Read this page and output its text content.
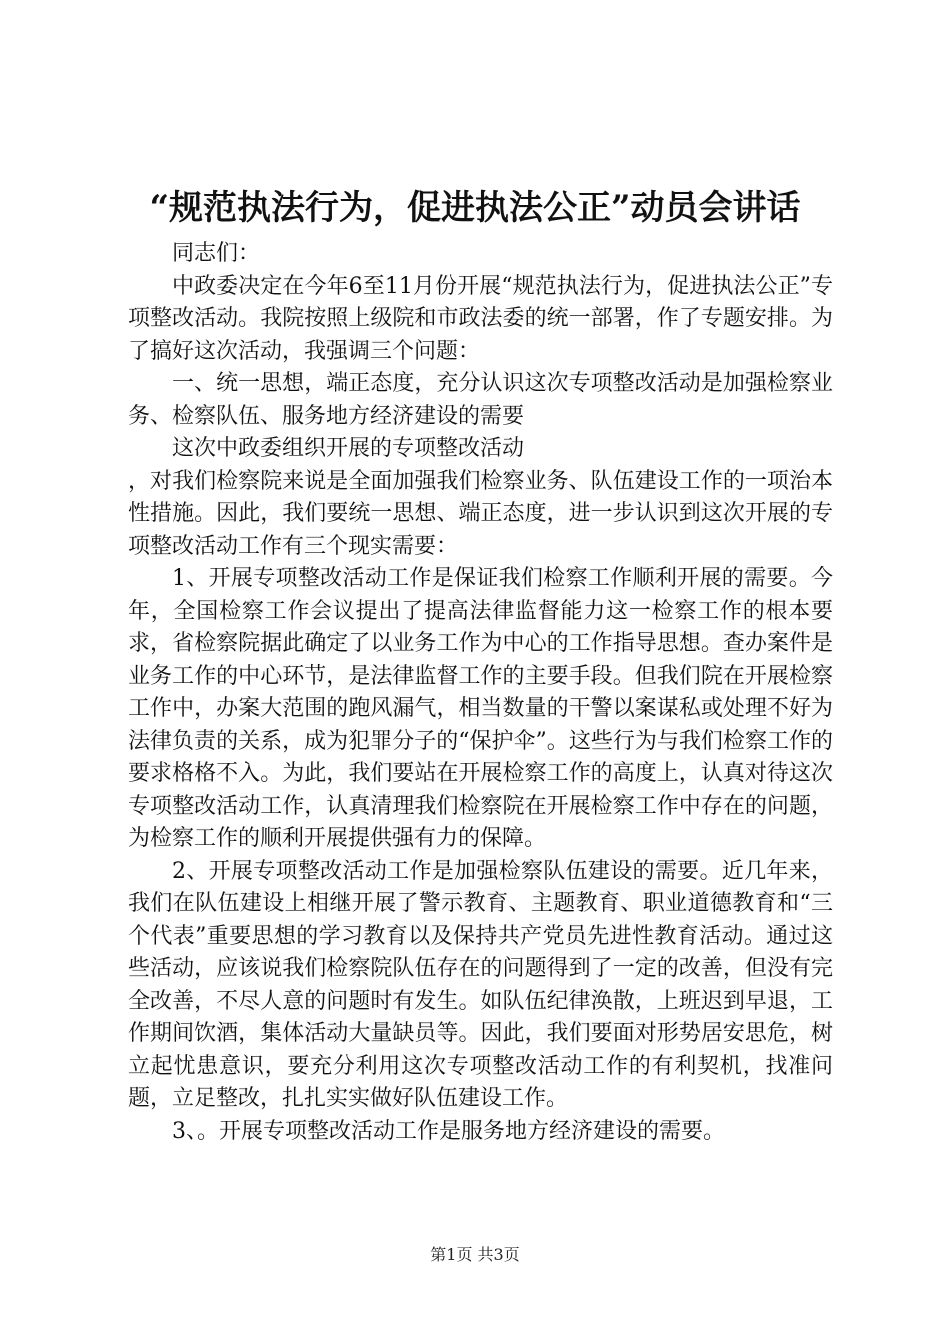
“规范执法行为，促进执法公正”动员会讲话

同志们：

中政委决定在今年6至11月份开展“规范执法行为，促进执法公正”专项整改活动。我院按照上级院和市政法委的统一部署，作了专题安排。为了搞好这次活动，我强调三个问题：

一、统一思想，端正态度，充分认识这次专项整改活动是加强检察业务、检察队伍、服务地方经济建设的需要

这次中政委组织开展的专项整改活动

，对我们检察院来说是全面加强我们检察业务、队伍建设工作的一项治本性措施。因此，我们要统一思想、端正态度，进一步认识到这次开展的专项整改活动工作有三个现实需要：

1、开展专项整改活动工作是保证我们检察工作顺利开展的需要。今年，全国检察工作会议提出了提高法律监督能力这一检察工作的根本要求，省检察院据此确定了以业务工作为中心的工作指导思想。查办案件是业务工作的中心环节，是法律监督工作的主要手段。但我们院在开展检察工作中，办案大范围的跑风漏气，相当数量的干警以案谋私或处理不好为法律负责的关系，成为犯罪分子的“保护伞”。这些行为与我们检察工作的要求格格不入。为此，我们要站在开展检察工作的高度上，认真对待这次专项整改活动工作，认真清理我们检察院在开展检察工作中存在的问题，为检察工作的顺利开展提供强有力的保障。

2、开展专项整改活动工作是加强检察队伍建设的需要。近几年来，我们在队伍建设上相继开展了警示教育、主题教育、职业道德教育和“三个代表”重要思想的学习教育以及保持共产党员先进性教育活动。通过这些活动，应该说我们检察院队伍存在的问题得到了一定的改善，但没有完全改善，不尽人意的问题时有发生。如队伍纪律涣散，上班迟到早退，工作期间饮酒，集体活动大量缺员等。因此，我们要面对形势居安思危，树立起忧患意识，要充分利用这次专项整改活动工作的有利契机，找准问题，立足整改，扎扎实实做好队伍建设工作。

3、。开展专项整改活动工作是服务地方经济建设的需要。

第1页 共3页
